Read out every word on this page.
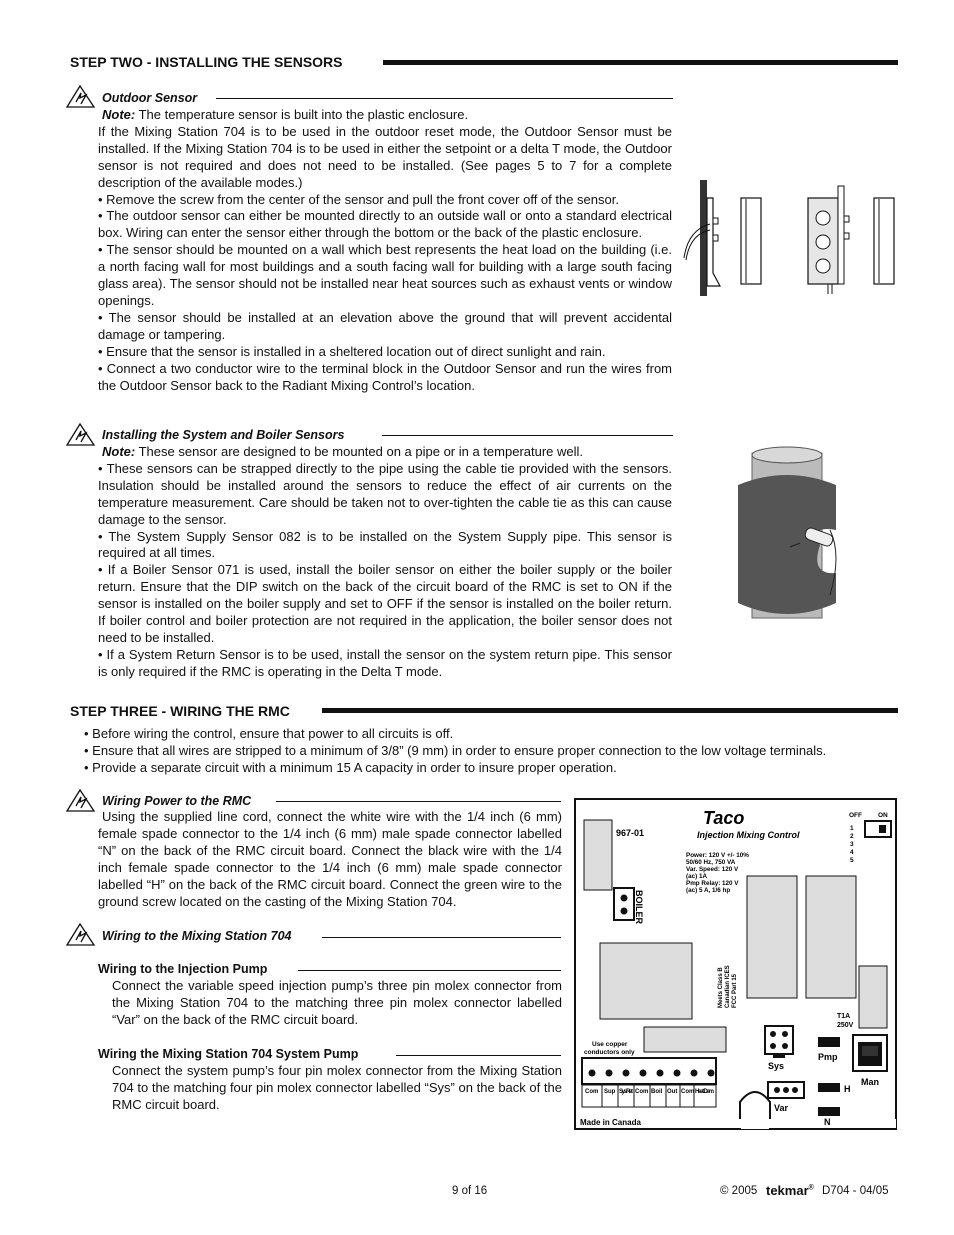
STEP TWO - INSTALLING THE SENSORS
Outdoor Sensor

Note: The temperature sensor is built into the plastic enclosure.

If the Mixing Station 704 is to be used in the outdoor reset mode, the Outdoor Sensor must be installed. If the Mixing Station 704 is to be used in either the setpoint or a delta T mode, the Outdoor sensor is not required and does not need to be installed. (See pages 5 to 7 for a complete description of the available modes.)

• Remove the screw from the center of the sensor and pull the front cover off of the sensor.

• The outdoor sensor can either be mounted directly to an outside wall or onto a standard electrical box. Wiring can enter the sensor either through the bottom or the back of the plastic enclosure.

• The sensor should be mounted on a wall which best represents the heat load on the building (i.e. a north facing wall for most buildings and a south facing wall for building with a large south facing glass area). The sensor should not be installed near heat sources such as exhaust vents or window openings.

• The sensor should be installed at an elevation above the ground that will prevent accidental damage or tampering.

• Ensure that the sensor is installed in a sheltered location out of direct sunlight and rain.

• Connect a two conductor wire to the terminal block in the Outdoor Sensor and run the wires from the Outdoor Sensor back to the Radiant Mixing Control’s location.

Installing the System and Boiler Sensors

Note: These sensor are designed to be mounted on a pipe or in a temperature well.

• These sensors can be strapped directly to the pipe using the cable tie provided with the sensors. Insulation should be installed around the sensors to reduce the effect of air currents on the temperature measurement. Care should be taken not to over-tighten the cable tie as this can cause damage to the sensor.

• The System Supply Sensor 082 is to be installed on the System Supply pipe. This sensor is required at all times.

• If a Boiler Sensor 071 is used, install the boiler sensor on either the boiler supply or the boiler return. Ensure that the DIP switch on the back of the circuit board of the RMC is set to ON if the sensor is installed on the boiler supply and set to OFF if the sensor is installed on the boiler return. If boiler control and boiler protection are not required in the application, the boiler sensor does not need to be installed.

• If a System Return Sensor is to be used, install the sensor on the system return pipe. This sensor is only required if the RMC is operating in the Delta T mode.

STEP THREE - WIRING THE RMC

• Before wiring the control, ensure that power to all circuits is off.

• Ensure that all wires are stripped to a minimum of 3/8” (9 mm) in order to ensure proper connection to the low voltage terminals.

• Provide a separate circuit with a minimum 15 A capacity in order to insure proper operation.

Wiring Power to the RMC
Using the supplied line cord, connect the white wire with the 1/4 inch (6 mm) female spade connector to the 1/4 inch (6 mm) male spade connector labelled “N” on the back of the RMC circuit board. Connect the black wire with the 1/4 inch female spade connector to the 1/4 inch (6 mm) male spade connector labelled “H” on the back of the RMC circuit board. Connect the green wire to the ground screw located on the casting of the Mixing Station 704.
Wiring to the Mixing Station 704
Wiring to the Injection Pump
Connect the variable speed injection pump’s three pin molex connector from the Mixing Station 704 to the matching three pin molex connector labelled “Var” on the back of the RMC circuit board.
Wiring the Mixing Station 704 System Pump
Connect the system pump’s four pin molex connector from the Mixing Station 704 to the matching four pin molex connector labelled “Sys” on the back of the RMC circuit board.
Taco
Injection Mixing Control
967-01
BOILER
Power: 120 V +/- 10%
50/60 Hz, 750 VA
Var. Speed: 120 V
(ac) 1A
Pmp Relay: 120 V
(ac) 5 A, 1/6 hp
OFF ON
1
2
3
4
5
Meets Class B Canadian ICES FCC Part 15
T1A
250V
Use copper
conductors only
Com Sup Sys Ret Com Boil Out Com Heat Dem
Sys
Pmp
Man
H
Var
N
Made in Canada
9 of 16	© 2005 tekmar® D704 - 04/05
